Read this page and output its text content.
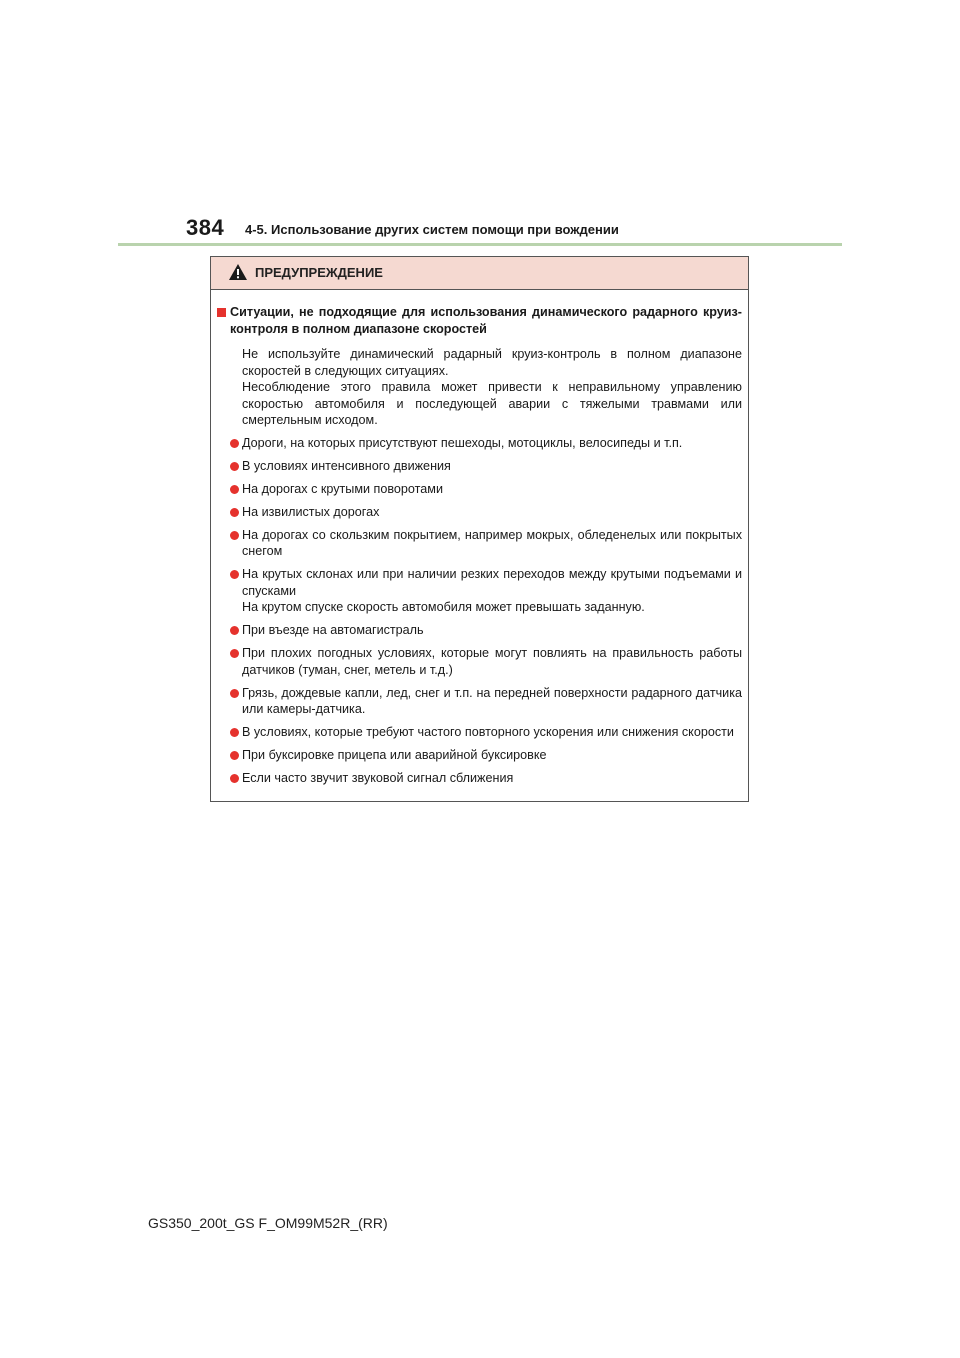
384 4-5. Использование других систем помощи при вождении
ПРЕДУПРЕЖДЕНИЕ
Ситуации, не подходящие для использования динамического радарного круиз-контроля в полном диапазоне скоростей

Не используйте динамический радарный круиз-контроль в полном диапазоне скоростей в следующих ситуациях.

Несоблюдение этого правила может привести к неправильному управлению скоростью автомобиля и последующей аварии с тяжелыми травмами или смертельным исходом.

Дороги, на которых присутствуют пешеходы, мотоциклы, велосипеды и т.п.
В условиях интенсивного движения
На дорогах с крутыми поворотами
На извилистых дорогах
На дорогах со скользким покрытием, например мокрых, обледенелых или покрытых снегом
На крутых склонах или при наличии резких переходов между крутыми подъемами и спусками
На крутом спуске скорость автомобиля может превышать заданную.
При въезде на автомагистраль
При плохих погодных условиях, которые могут повлиять на правильность работы датчиков (туман, снег, метель и т.д.)
Грязь, дождевые капли, лед, снег и т.п. на передней поверхности радарного датчика или камеры-датчика.
В условиях, которые требуют частого повторного ускорения или снижения скорости
При буксировке прицепа или аварийной буксировке
Если часто звучит звуковой сигнал сближения
GS350_200t_GS F_OM99M52R_(RR)
